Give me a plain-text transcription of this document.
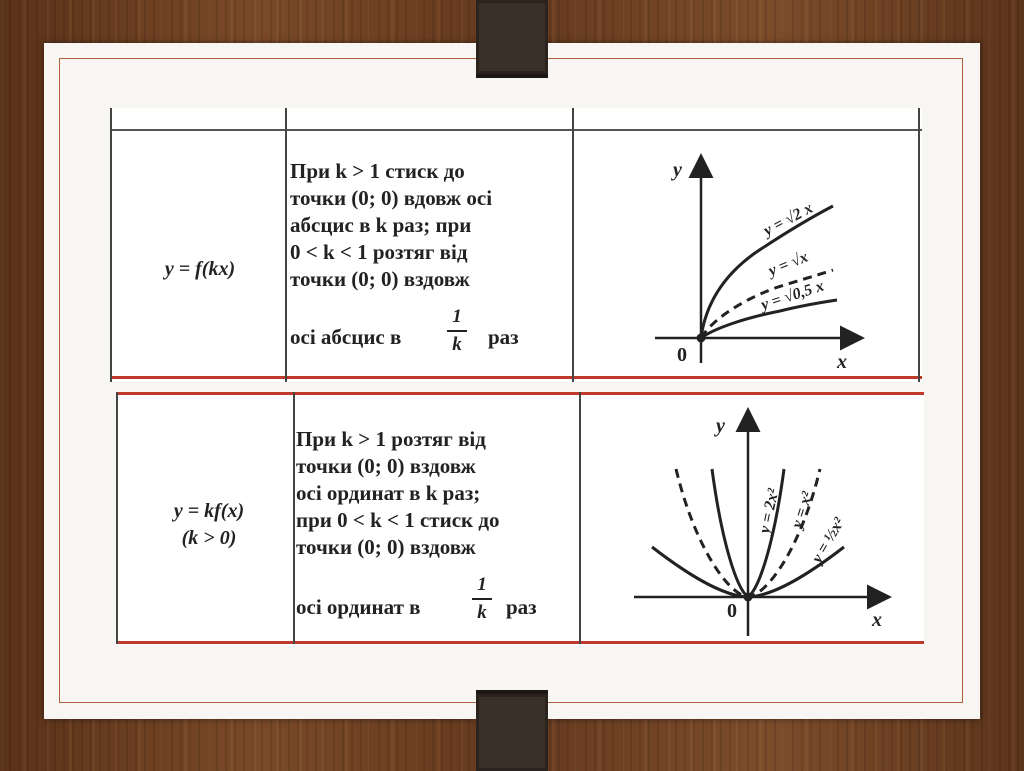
y = f(kx)
При k > 1 стиск до
точки (0; 0) вдовж осі
абсцис в k раз; при
0 < k < 1 розтяг від
точки (0; 0) вздовж
осі абсцис в
1
k раз
y
x
0
y = √2 x
y = √x
y = √0,5 x
y = kf(x)
(k > 0)
При k > 1 розтяг від
точки (0; 0) вздовж
осі ординат в k раз;
при 0 < k < 1 стиск до
точки (0; 0) вздовж
осі ординат в
1
k раз
y
x
0
y = 2x² y = x²
y = ½x²
